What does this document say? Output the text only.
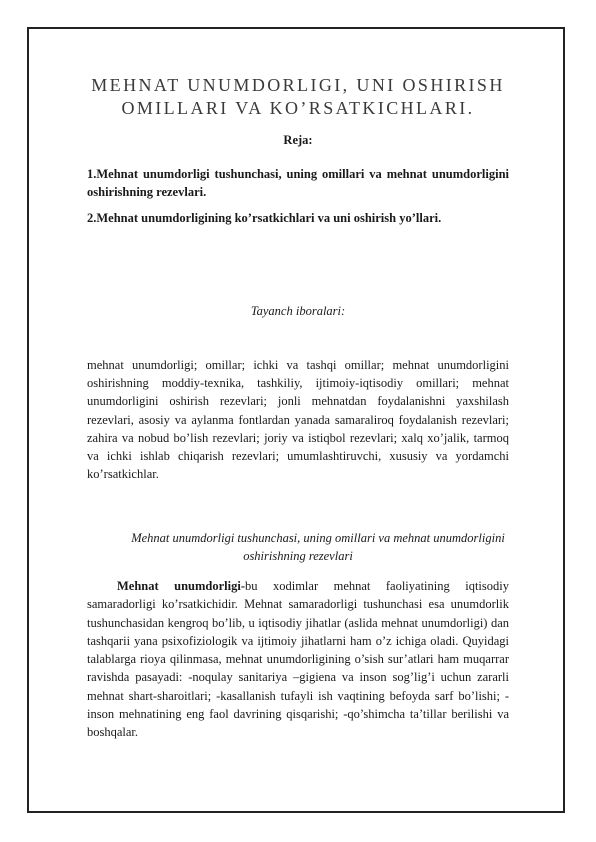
MEHNAT UNUMDORLIGI, UNI OSHIRISH OMILLARI VA KO’RSATKICHLARI.
Reja:
1.Mehnat unumdorligi tushunchasi, uning omillari va mehnat unumdorligini oshirishning rezevlari.
2.Mehnat unumdorligining ko’rsatkichlari va uni oshirish yo’llari.
Tayanch iboralari:

mehnat unumdorligi; omillar; ichki va tashqi omillar; mehnat unumdorligini oshirishning moddiy-texnika, tashkiliy, ijtimoiy-iqtisodiy omillari; mehnat unumdorligini oshirish rezevlari; jonli mehnatdan foydalanishni yaxshilash rezevlari, asosiy va aylanma fontlardan yanada samaraliroq foydalanish rezevlari; zahira va nobud bo’lish rezevlari; joriy va istiqbol rezevlari; xalq xo’jalik, tarmoq va ichki ishlab chiqarish rezevlari; umumlashtiruvchi, xususiy va yordamchi ko’rsatkichlar.

Mehnat unumdorligi tushunchasi, uning omillari va mehnat unumdorligini
oshirishning rezevlari

Mehnat unumdorligi-bu xodimlar mehnat faoliyatining iqtisodiy samaradorligi ko’rsatkichidir. Mehnat samaradorligi tushunchasi esa unumdorlik tushunchasidan kengroq bo’lib, u iqtisodiy jihatlar (aslida mehnat unumdorligi) dan tashqarii yana psixofiziologik va ijtimoiy jihatlarni ham o’z ichiga oladi. Quyidagi talablarga rioya qilinmasa, mehnat unumdorligining o’sish sur’atlari ham muqarrar ravishda pasayadi: -noqulay sanitariya –gigiena va inson sog’lig’i uchun zararli mehnat shart-sharoitlari; -kasallanish tufayli ish vaqtining befoyda sarf bo’lishi; -inson mehnatining eng faol davrining qisqarishi; -qo’shimcha ta’tillar berilishi va boshqalar.
